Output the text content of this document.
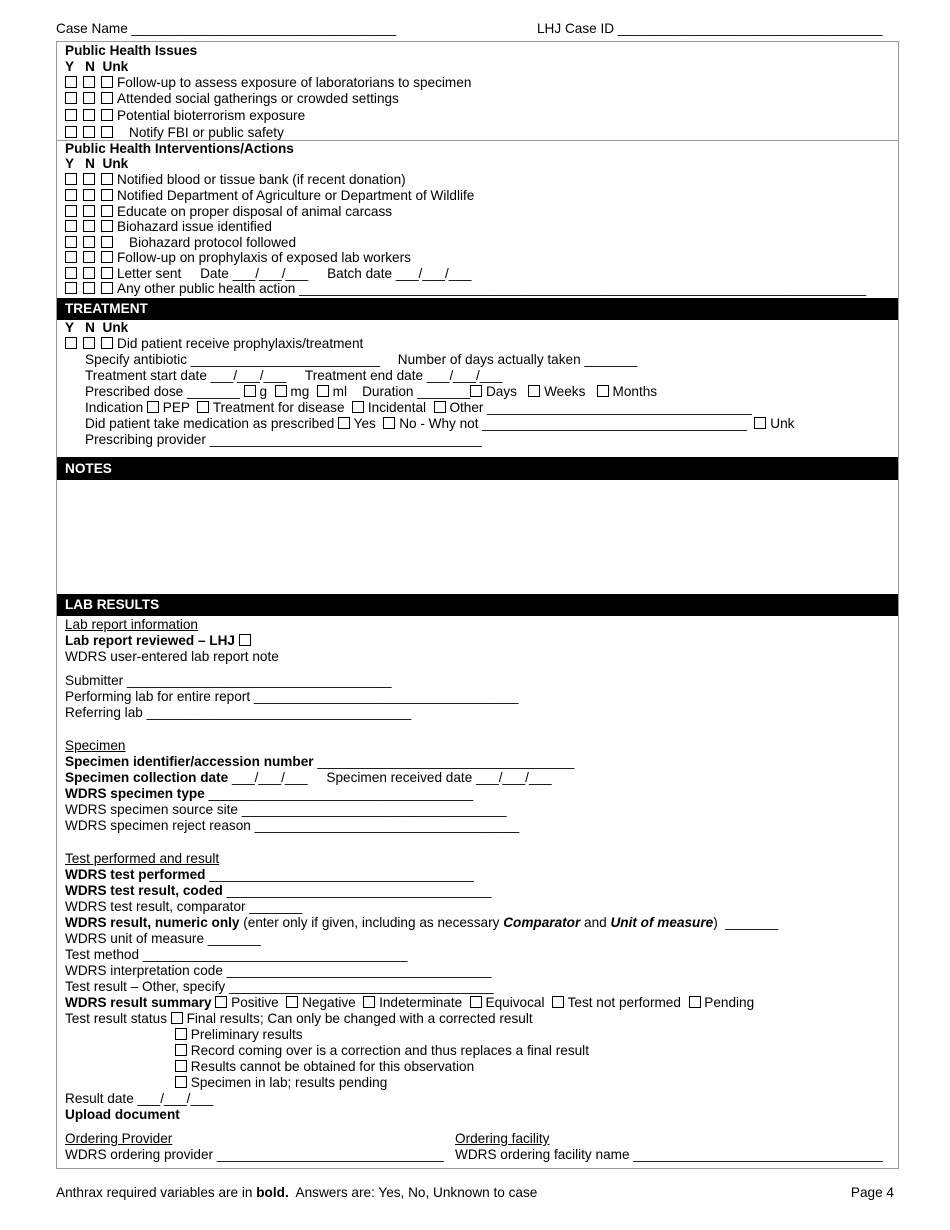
Case Name ___________________________________	LHJ Case ID ___________________________________
Public Health Issues
Y   N  Unk
Follow-up to assess exposure of laboratorians to specimen
Attended social gatherings or crowded settings
Potential bioterrorism exposure
Notify FBI or public safety
Public Health Interventions/Actions
Y   N  Unk
Notified blood or tissue bank (if recent donation)
Notified Department of Agriculture or Department of Wildlife
Educate on proper disposal of animal carcass
Biohazard issue identified
Biohazard protocol followed
Follow-up on prophylaxis of exposed lab workers
Letter sent     Date ___/___/___     Batch date ___/___/___
Any other public health action ___________________________________________________________________________
TREATMENT
Y   N  Unk
Did patient receive prophylaxis/treatment
Specify antibiotic _________________________ Number of days actually taken _______
Treatment start date ___/___/___     Treatment end date ___/___/___
Prescribed dose _______ g mg ml Duration _______ Days Weeks Months
Indication PEP Treatment for disease Incidental Other ___________________________________
Did patient take medication as prescribed Yes No - Why not ___________________________________ Unk
Prescribing provider ____________________________________
NOTES
LAB RESULTS
Lab report information
Lab report reviewed – LHJ
WDRS user-entered lab report note
Submitter ___________________________________
Performing lab for entire report ___________________________________
Referring lab ___________________________________
Specimen
Specimen identifier/accession number __________________________________
Specimen collection date ___/___/___     Specimen received date ___/___/___
WDRS specimen type ___________________________________
WDRS specimen source site ___________________________________
WDRS specimen reject reason ___________________________________
Test performed and result
WDRS test performed ___________________________________
WDRS test result, coded ___________________________________
WDRS test result, comparator _______
WDRS result, numeric only (enter only if given, including as necessary Comparator and Unit of measure)  _______
WDRS unit of measure _______
Test method ___________________________________
WDRS interpretation code ___________________________________
Test result – Other, specify ___________________________________
WDRS result summary Positive Negative Indeterminate Equivocal Test not performed Pending
Test result status Final results; Can only be changed with a corrected result
Preliminary results
Record coming over is a correction and thus replaces a final result
Results cannot be obtained for this observation
Specimen in lab; results pending
Result date ___/___/___
Upload document
Ordering Provider	Ordering facility
WDRS ordering provider ______________________________ WDRS ordering facility name _________________________________
Anthrax required variables are in bold.  Answers are: Yes, No, Unknown to case	Page 4
